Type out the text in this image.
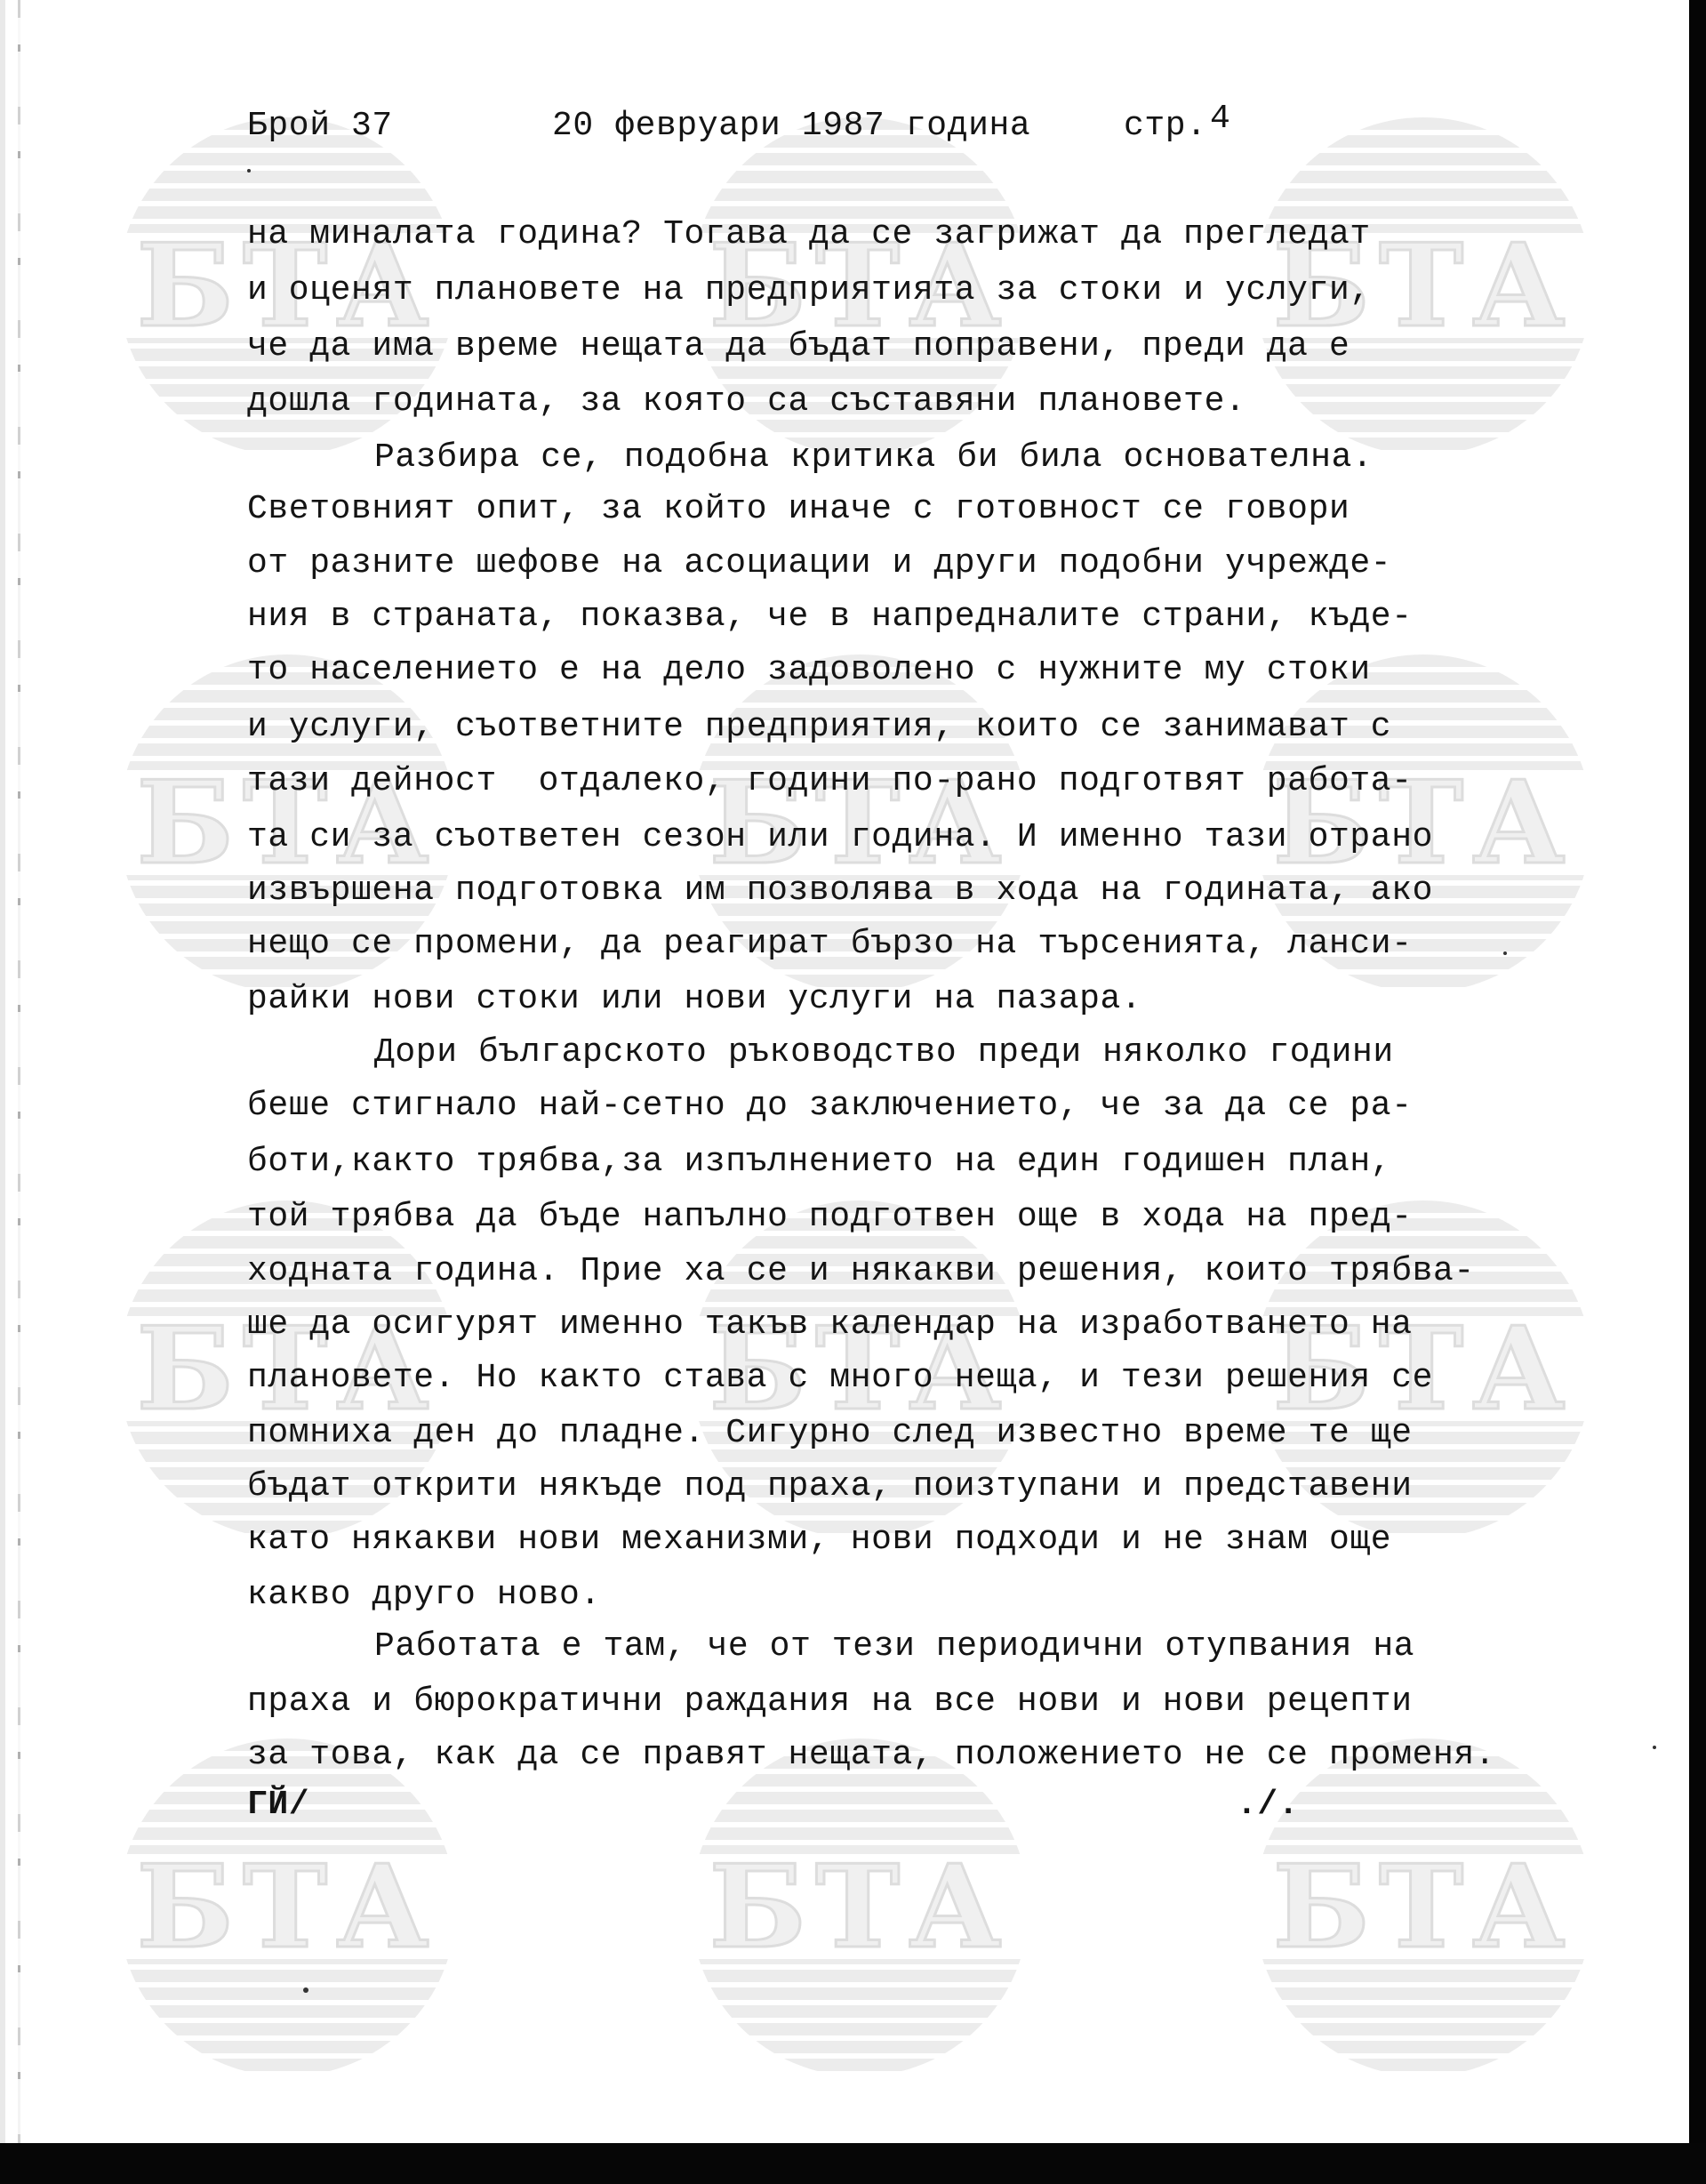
БТА	БТА	БТА
БТА	БТА	БТА
БТА	БТА	БТА
БТА	БТА	БТА

Брой 37	20 февруари 1987 година	стр. 4

на миналата година? Тогава да се загрижат да прегледат

и оценят плановете на предприятията за стоки и услуги,

че да има време нещата да бъдат поправени, преди да е

дошла годината, за която са съставяни плановете.

Разбира се, подобна критика би била основателна.

Световният опит, за който иначе с готовност се говори

от разните шефове на асоциации и други подобни учрежде-

ния в страната, показва, че в напредналите страни, къде-

то населението е на дело задоволено с нужните му стоки

и услуги, съответните предприятия, които се занимават с

тази дейност  отдалеко, години по-рано подготвят работа-

та си за съответен сезон или година. И именно тази отрано

извършена подготовка им позволява в хода на годината, ако

нещо се промени, да реагират бързо на търсенията, ланси-

райки нови стоки или нови услуги на пазара.

Дори българското ръководство преди няколко години

беше стигнало най-сетно до заключението, че за да се ра-

боти,както трябва,за изпълнението на един годишен план,

той трябва да бъде напълно подготвен още в хода на пред-

ходната година. Прие ха се и някакви решения, които трябва-

ше да осигурят именно такъв календар на изработването на

плановете. Но както става с много неща, и тези решения се

помниха ден до пладне. Сигурно след известно време те ще

бъдат открити някъде под праха, поизтупани и представени

като някакви нови механизми, нови подходи и не знам още

какво друго ново.

Работата е там, че от тези периодични отупвания на

праха и бюрократични раждания на все нови и нови рецепти

за това, как да се правят нещата, положението не се променя.

ГЙ/	./.
